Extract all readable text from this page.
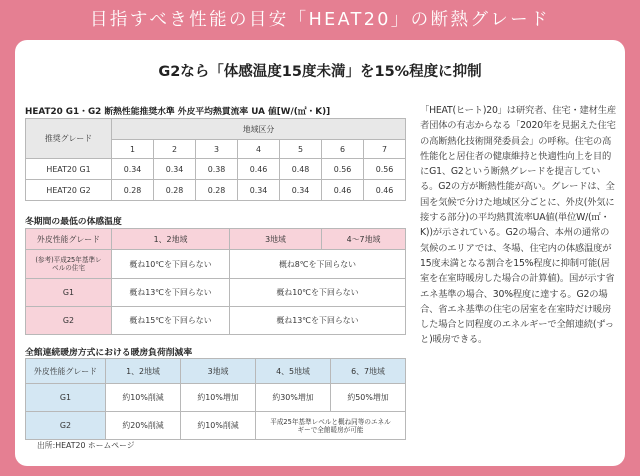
目指すべき性能の目安「HEAT20」の断熱グレード
G2なら「体感温度15度未満」を15%程度に抑制
HEAT20 G1・G2 断熱性能推奨水準 外皮平均熱貫流率 UA 値[W/(㎡・K)]
推奨グレード	地域区分						
	1	2	3	4	5	6	7
HEAT20 G1	0.34	0.34	0.38	0.46	0.48	0.56	0.56
HEAT20 G2	0.28	0.28	0.28	0.34	0.34	0.46	0.46
冬期間の最低の体感温度
外皮性能グレード	1、2地域	3地域	4〜7地域
(参考)平成25年基準レベルの住宅	概ね10℃を下回らない	概ね8℃を下回らない	
G1	概ね13℃を下回らない	概ね10℃を下回らない	
G2	概ね15℃を下回らない	概ね13℃を下回らない	
全館連続暖房方式における暖房負荷削減率
外皮性能グレード	1、2地域	3地域	4、5地域	6、7地域
G1	約10%削減	約10%増加	約30%増加	約50%増加
G2	約20%削減	約10%削減	平成25年基準レベルと概ね同等のエネルギーで全館暖房が可能	
出所:HEAT20 ホームページ

「HEAT(ヒート)20」は研究者、住宅・建材生産者団体の有志からなる「2020年を見据えた住宅の高断熱化技術開発委員会」の呼称。住宅の高性能化と居住者の健康維持と快適性向上を目的にG1、G2という断熱グレードを提言している。G2の方が断熱性能が高い。グレードは、全国を気候で分けた地域区分ごとに、外皮(外気に接する部分)の平均熱貫流率UA値(単位W/(㎡・K))が示されている。G2の場合、本州の通常の気候のエリアでは、冬場、住宅内の体感温度が15度未満となる割合を15%程度に抑制可能(居室を在室時暖房した場合の計算値)。国が示す省エネ基準の場合、30%程度に達する。G2の場合、省エネ基準の住宅の居室を在室時だけ暖房した場合と同程度のエネルギーで全館連続(ずっと)暖房できる。
